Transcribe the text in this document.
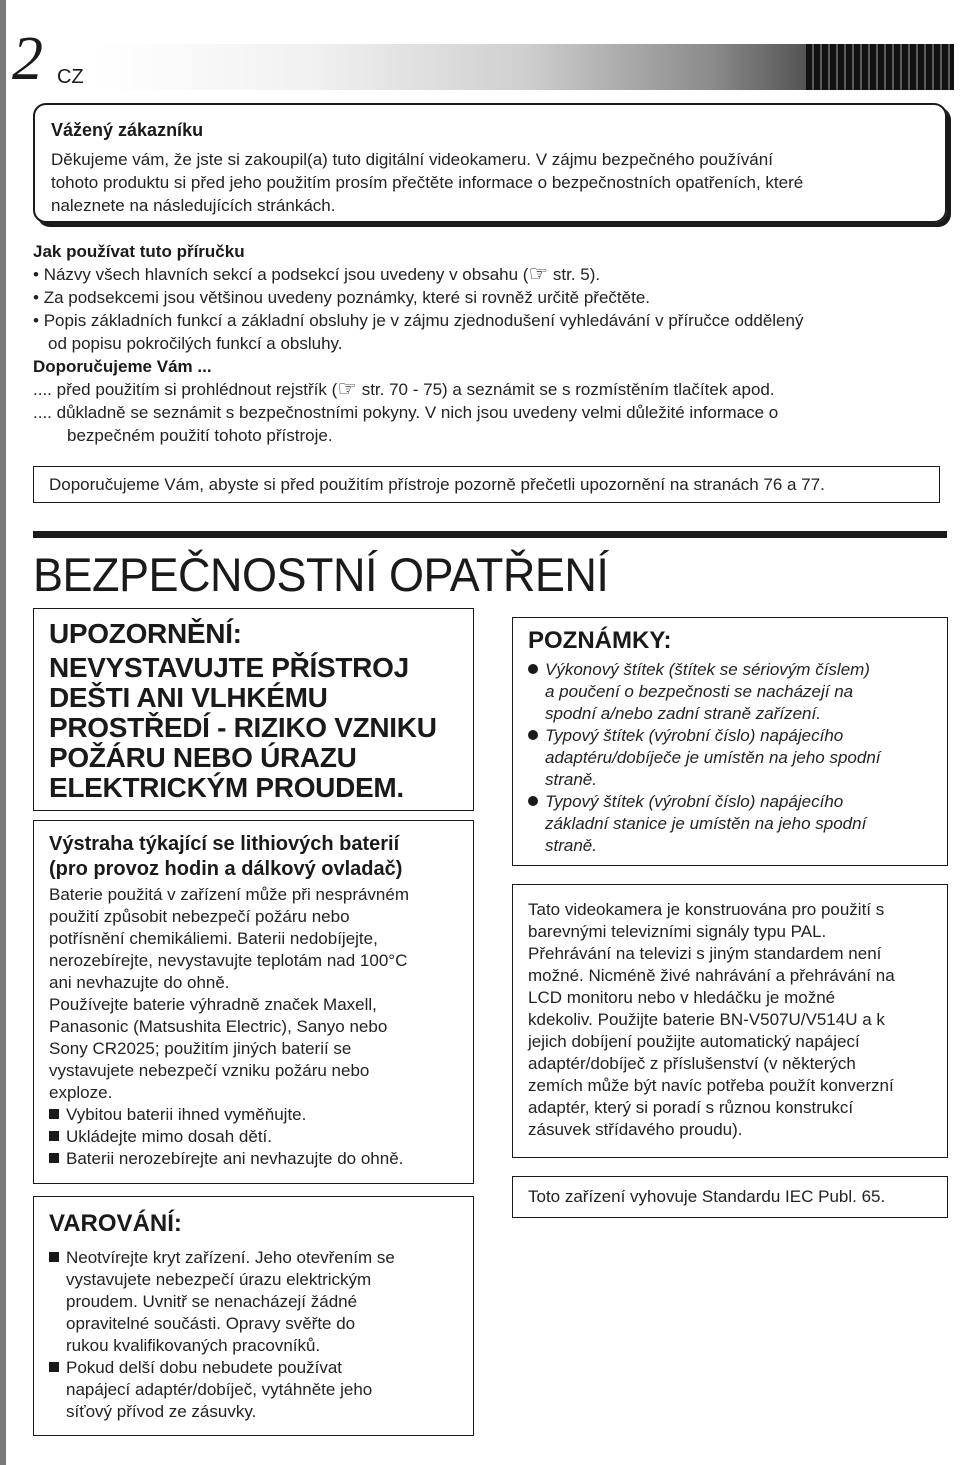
2 CZ
Vážený zákazníku

Děkujeme vám, že jste si zakoupil(a) tuto digitální videokameru. V zájmu bezpečného používání

tohoto produktu si před jeho použitím prosím přečtěte informace o bezpečnostních opatřeních, které

naleznete na následujících stránkách.

Jak používat tuto příručku
• Názvy všech hlavních sekcí a podsekcí jsou uvedeny v obsahu (☞ str. 5).
• Za podsekcemi jsou většinou uvedeny poznámky, které si rovněž určitě přečtěte.
• Popis základních funkcí a základní obsluhy je v zájmu zjednodušení vyhledávání v příručce oddělený
od popisu pokročilých funkcí a obsluhy.
Doporučujeme Vám ...
.... před použitím si prohlédnout rejstřík (☞ str. 70 - 75) a seznámit se s rozmístěním tlačítek apod.
.... důkladně se seznámit s bezpečnostními pokyny. V nich jsou uvedeny velmi důležité informace o
bezpečném použití tohoto přístroje.
Doporučujeme Vám, abyste si před použitím přístroje pozorně přečetli upozornění na stranách 76 a 77.
BEZPEČNOSTNÍ OPATŘENÍ
UPOZORNĚNÍ:
NEVYSTAVUJTE PŘÍSTROJ
DEŠTI ANI VLHKÉMU
PROSTŘEDÍ - RIZIKO VZNIKU
POŽÁRU NEBO ÚRAZU
ELEKTRICKÝM PROUDEM.
Výstraha týkající se lithiových baterií
(pro provoz hodin a dálkový ovladač)

Baterie použitá v zařízení může při nesprávném
použití způsobit nebezpečí požáru nebo
potřísnění chemikáliemi. Baterii nedobíjejte,
nerozebírejte, nevystavujte teplotám nad 100°C
ani nevhazujte do ohně.
Používejte baterie výhradně značek Maxell,
Panasonic (Matsushita Electric), Sanyo nebo
Sony CR2025; použitím jiných baterií se
vystavujete nebezpečí vzniku požáru nebo
exploze.

Vybitou baterii ihned vyměňujte.
Ukládejte mimo dosah dětí.
Baterii nerozebírejte ani nevhazujte do ohně.
VAROVÁNÍ:
Neotvírejte kryt zařízení. Jeho otevřením se
vystavujete nebezpečí úrazu elektrickým
proudem. Uvnitř se nenacházejí žádné
opravitelné součásti. Opravy svěřte do
rukou kvalifikovaných pracovníků.
Pokud delší dobu nebudete používat
napájecí adaptér/dobíječ, vytáhněte jeho
síťový přívod ze zásuvky.
POZNÁMKY:
Výkonový štítek (štítek se sériovým číslem)
a poučení o bezpečnosti se nacházejí na
spodní a/nebo zadní straně zařízení.
Typový štítek (výrobní číslo) napájecího
adaptéru/dobíječe je umístěn na jeho spodní
straně.
Typový štítek (výrobní číslo) napájecího
základní stanice je umístěn na jeho spodní
straně.
Tato videokamera je konstruována pro použití s
barevnými televizními signály typu PAL.
Přehrávání na televizi s jiným standardem není
možné. Nicméně živé nahrávání a přehrávání na
LCD monitoru nebo v hledáčku je možné
kdekoliv. Použijte baterie BN-V507U/V514U a k
jejich dobíjení použijte automatický napájecí
adaptér/dobíječ z příslušenství (v některých
zemích může být navíc potřeba použít konverzní
adaptér, který si poradí s různou konstrukcí
zásuvek střídavého proudu).
Toto zařízení vyhovuje Standardu IEC Publ. 65.
